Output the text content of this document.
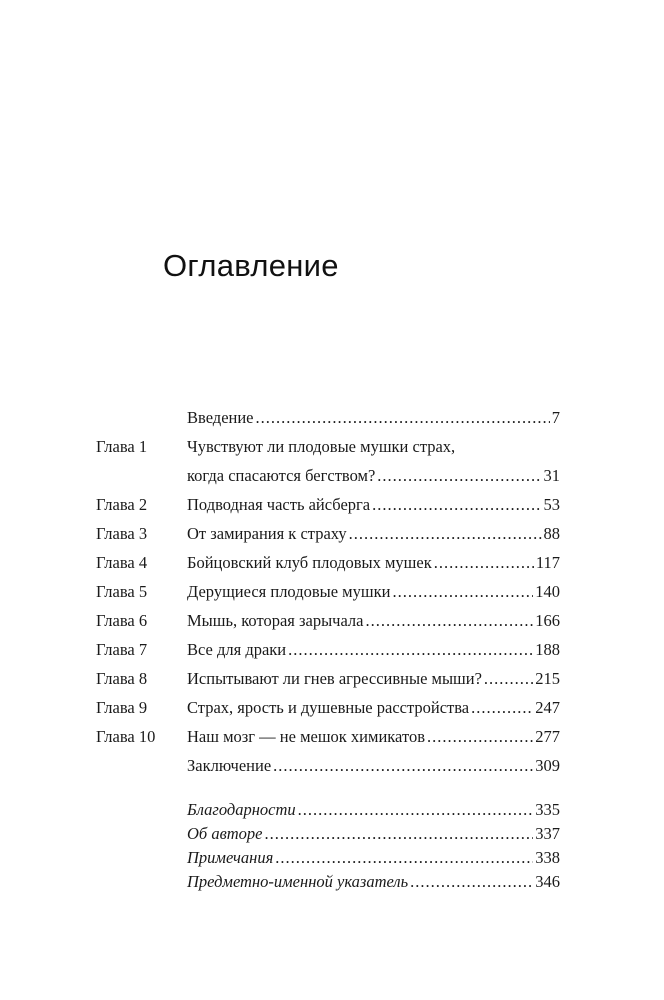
Оглавление
Введение .....	7
Глава 1	Чувствуют ли плодовые мушки страх,
когда спасаются бегством? .....	31
Глава 2	Подводная часть айсберга .....	53
Глава 3	От замирания к страху .....	88
Глава 4	Бойцовский клуб плодовых мушек .....	117
Глава 5	Дерущиеся плодовые мушки .....	140
Глава 6	Мышь, которая зарычала .....	166
Глава 7	Все для драки .....	188
Глава 8	Испытывают ли гнев агрессивные мыши? .....	215
Глава 9	Страх, ярость и душевные расстройства .....	247
Глава 10	Наш мозг — не мешок химикатов .....	277
Заключение .....	309
Благодарности .....	335
Об авторе .....	337
Примечания .....	338
Предметно-именной указатель .....	346
